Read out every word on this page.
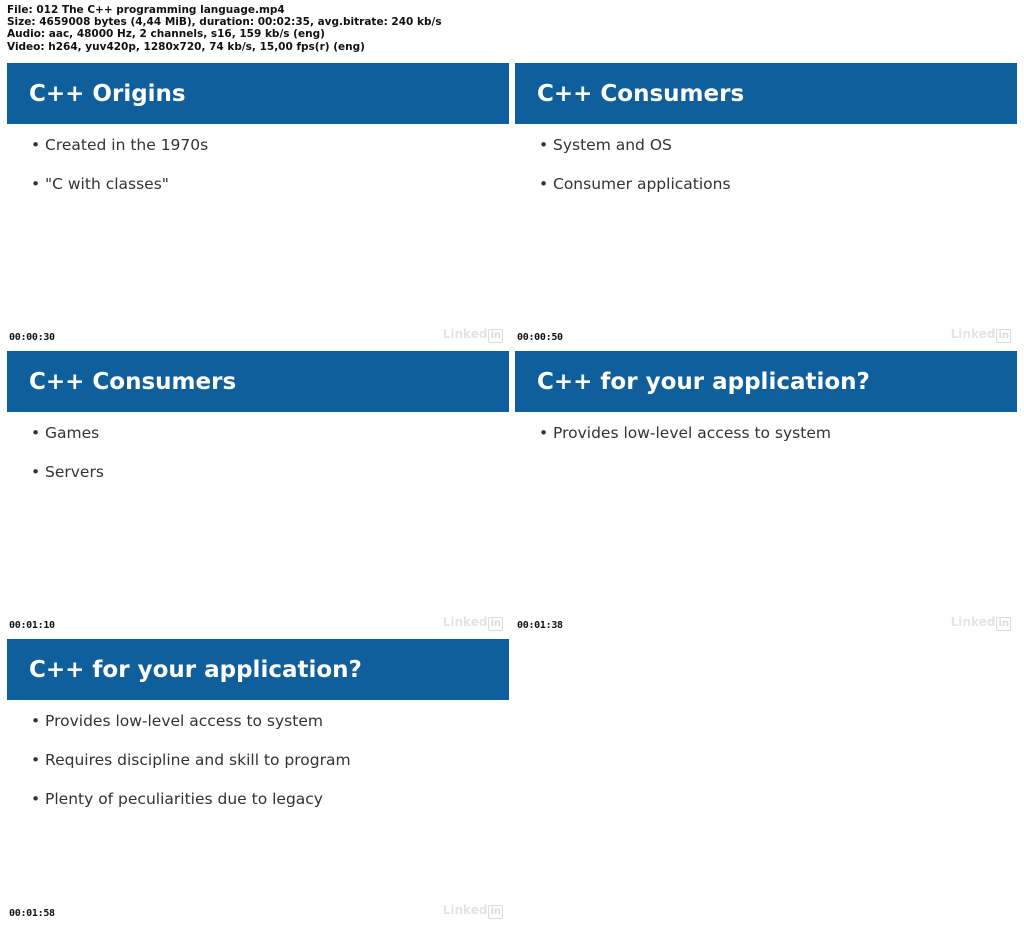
File: 012 The C++ programming language.mp4
Size: 4659008 bytes (4,44 MiB), duration: 00:02:35, avg.bitrate: 240 kb/s
Audio: aac, 48000 Hz, 2 channels, s16, 159 kb/s (eng)
Video: h264, yuv420p, 1280x720, 74 kb/s, 15,00 fps(r) (eng)
C++ Origins
• Created in the 1970s
• "C with classes"
00:00:30	Linked in
C++ Consumers
• System and OS
• Consumer applications
00:00:50	Linked in
C++ Consumers
• Games
• Servers
00:01:10	Linked in
C++ for your application?
• Provides low-level access to system
00:01:38	Linked in
C++ for your application?
• Provides low-level access to system
• Requires discipline and skill to program
• Plenty of peculiarities due to legacy
00:01:58	Linked in
